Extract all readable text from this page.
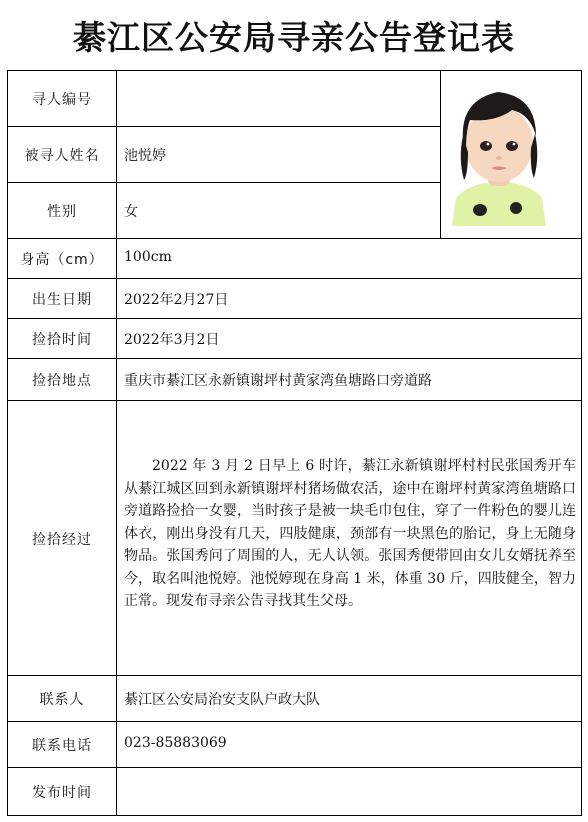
綦江区公安局寻亲公告登记表
寻人编号
被寻人姓名
性别
身高（cm）
出生日期
捡拾时间
捡拾地点
捡拾经过
联系人
联系电话
发布时间
池悦婷
女
100cm
2022年2月27日
2022年3月2日
重庆市綦江区永新镇谢坪村黄家湾鱼塘路口旁道路
2022 年 3 月 2 日早上 6 时许，綦江永新镇谢坪村村民张国秀开车从綦江城区回到永新镇谢坪村猪场做农活，途中在谢坪村黄家湾鱼塘路口旁道路捡拾一女婴，当时孩子是被一块毛巾包住，穿了一件粉色的婴儿连体衣，刚出身没有几天，四肢健康，颈部有一块黑色的胎记，身上无随身物品。张国秀问了周围的人，无人认领。张国秀便带回由女儿女婿抚养至今，取名叫池悦婷。池悦婷现在身高 1 米，体重 30 斤，四肢健全，智力正常。现发布寻亲公告寻找其生父母。
綦江区公安局治安支队户政大队
023-85883069
